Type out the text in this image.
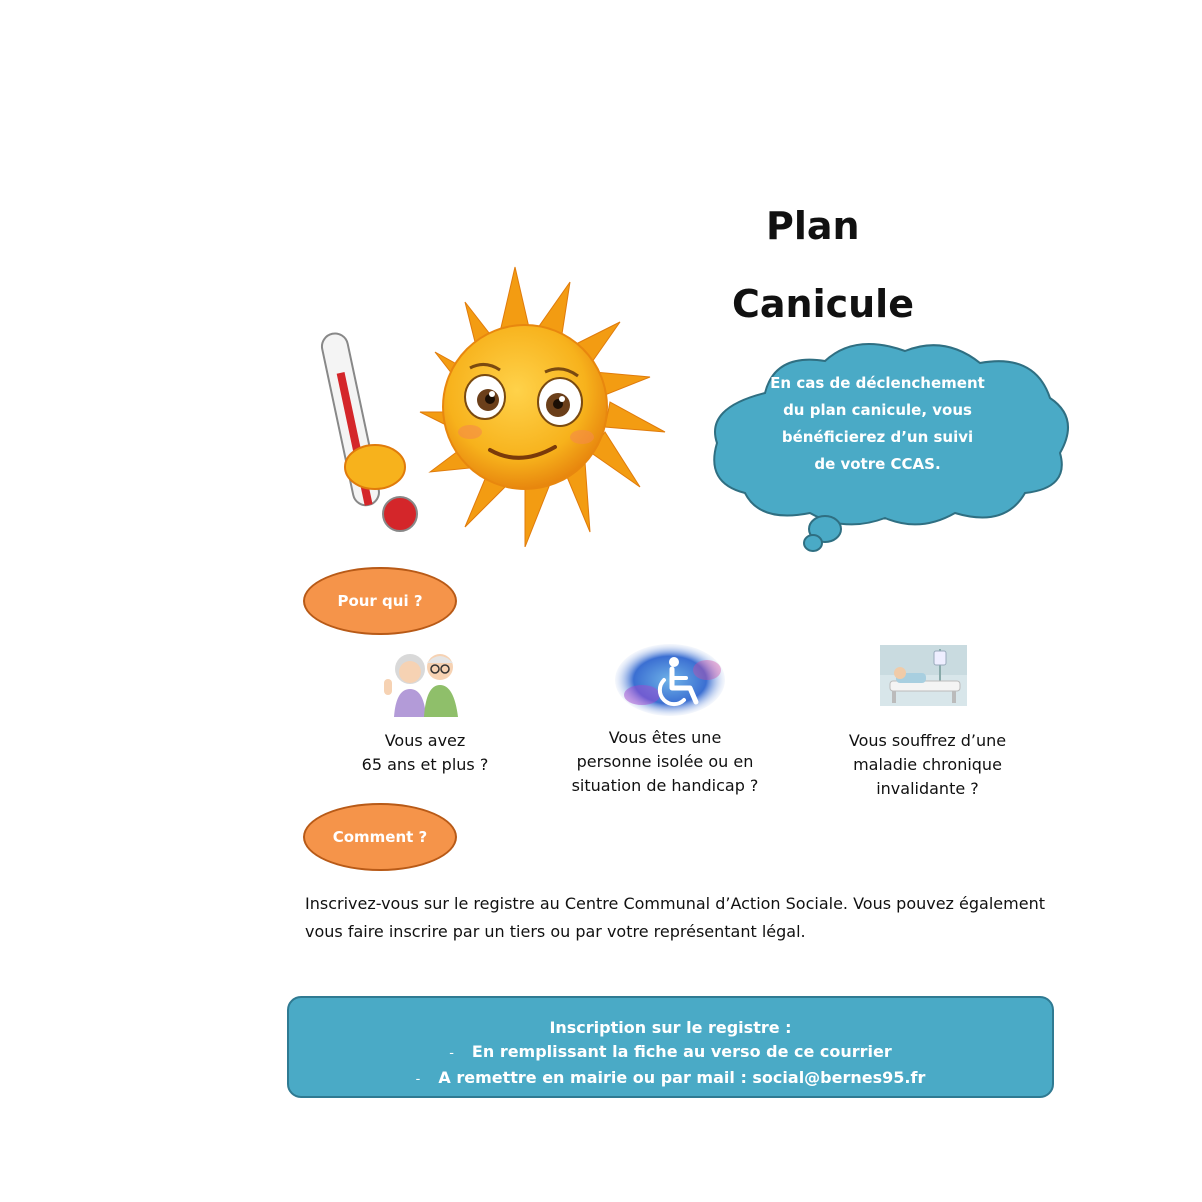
Plan
Canicule
En cas de déclenchement
du plan canicule, vous
bénéficierez d’un suivi
de votre CCAS.
Pour qui ?
Vous avez
65 ans et plus ?
Vous êtes une
personne isolée ou en
situation de handicap ?
Vous souffrez d’une
maladie chronique
invalidante ?
Comment ?
Inscrivez-vous sur le registre au Centre Communal d’Action Sociale. Vous pouvez également
vous faire inscrire par un tiers ou par votre représentant légal.
Inscription sur le registre :
- En remplissant la fiche au verso de ce courrier
- A remettre en mairie ou par mail : social@bernes95.fr
